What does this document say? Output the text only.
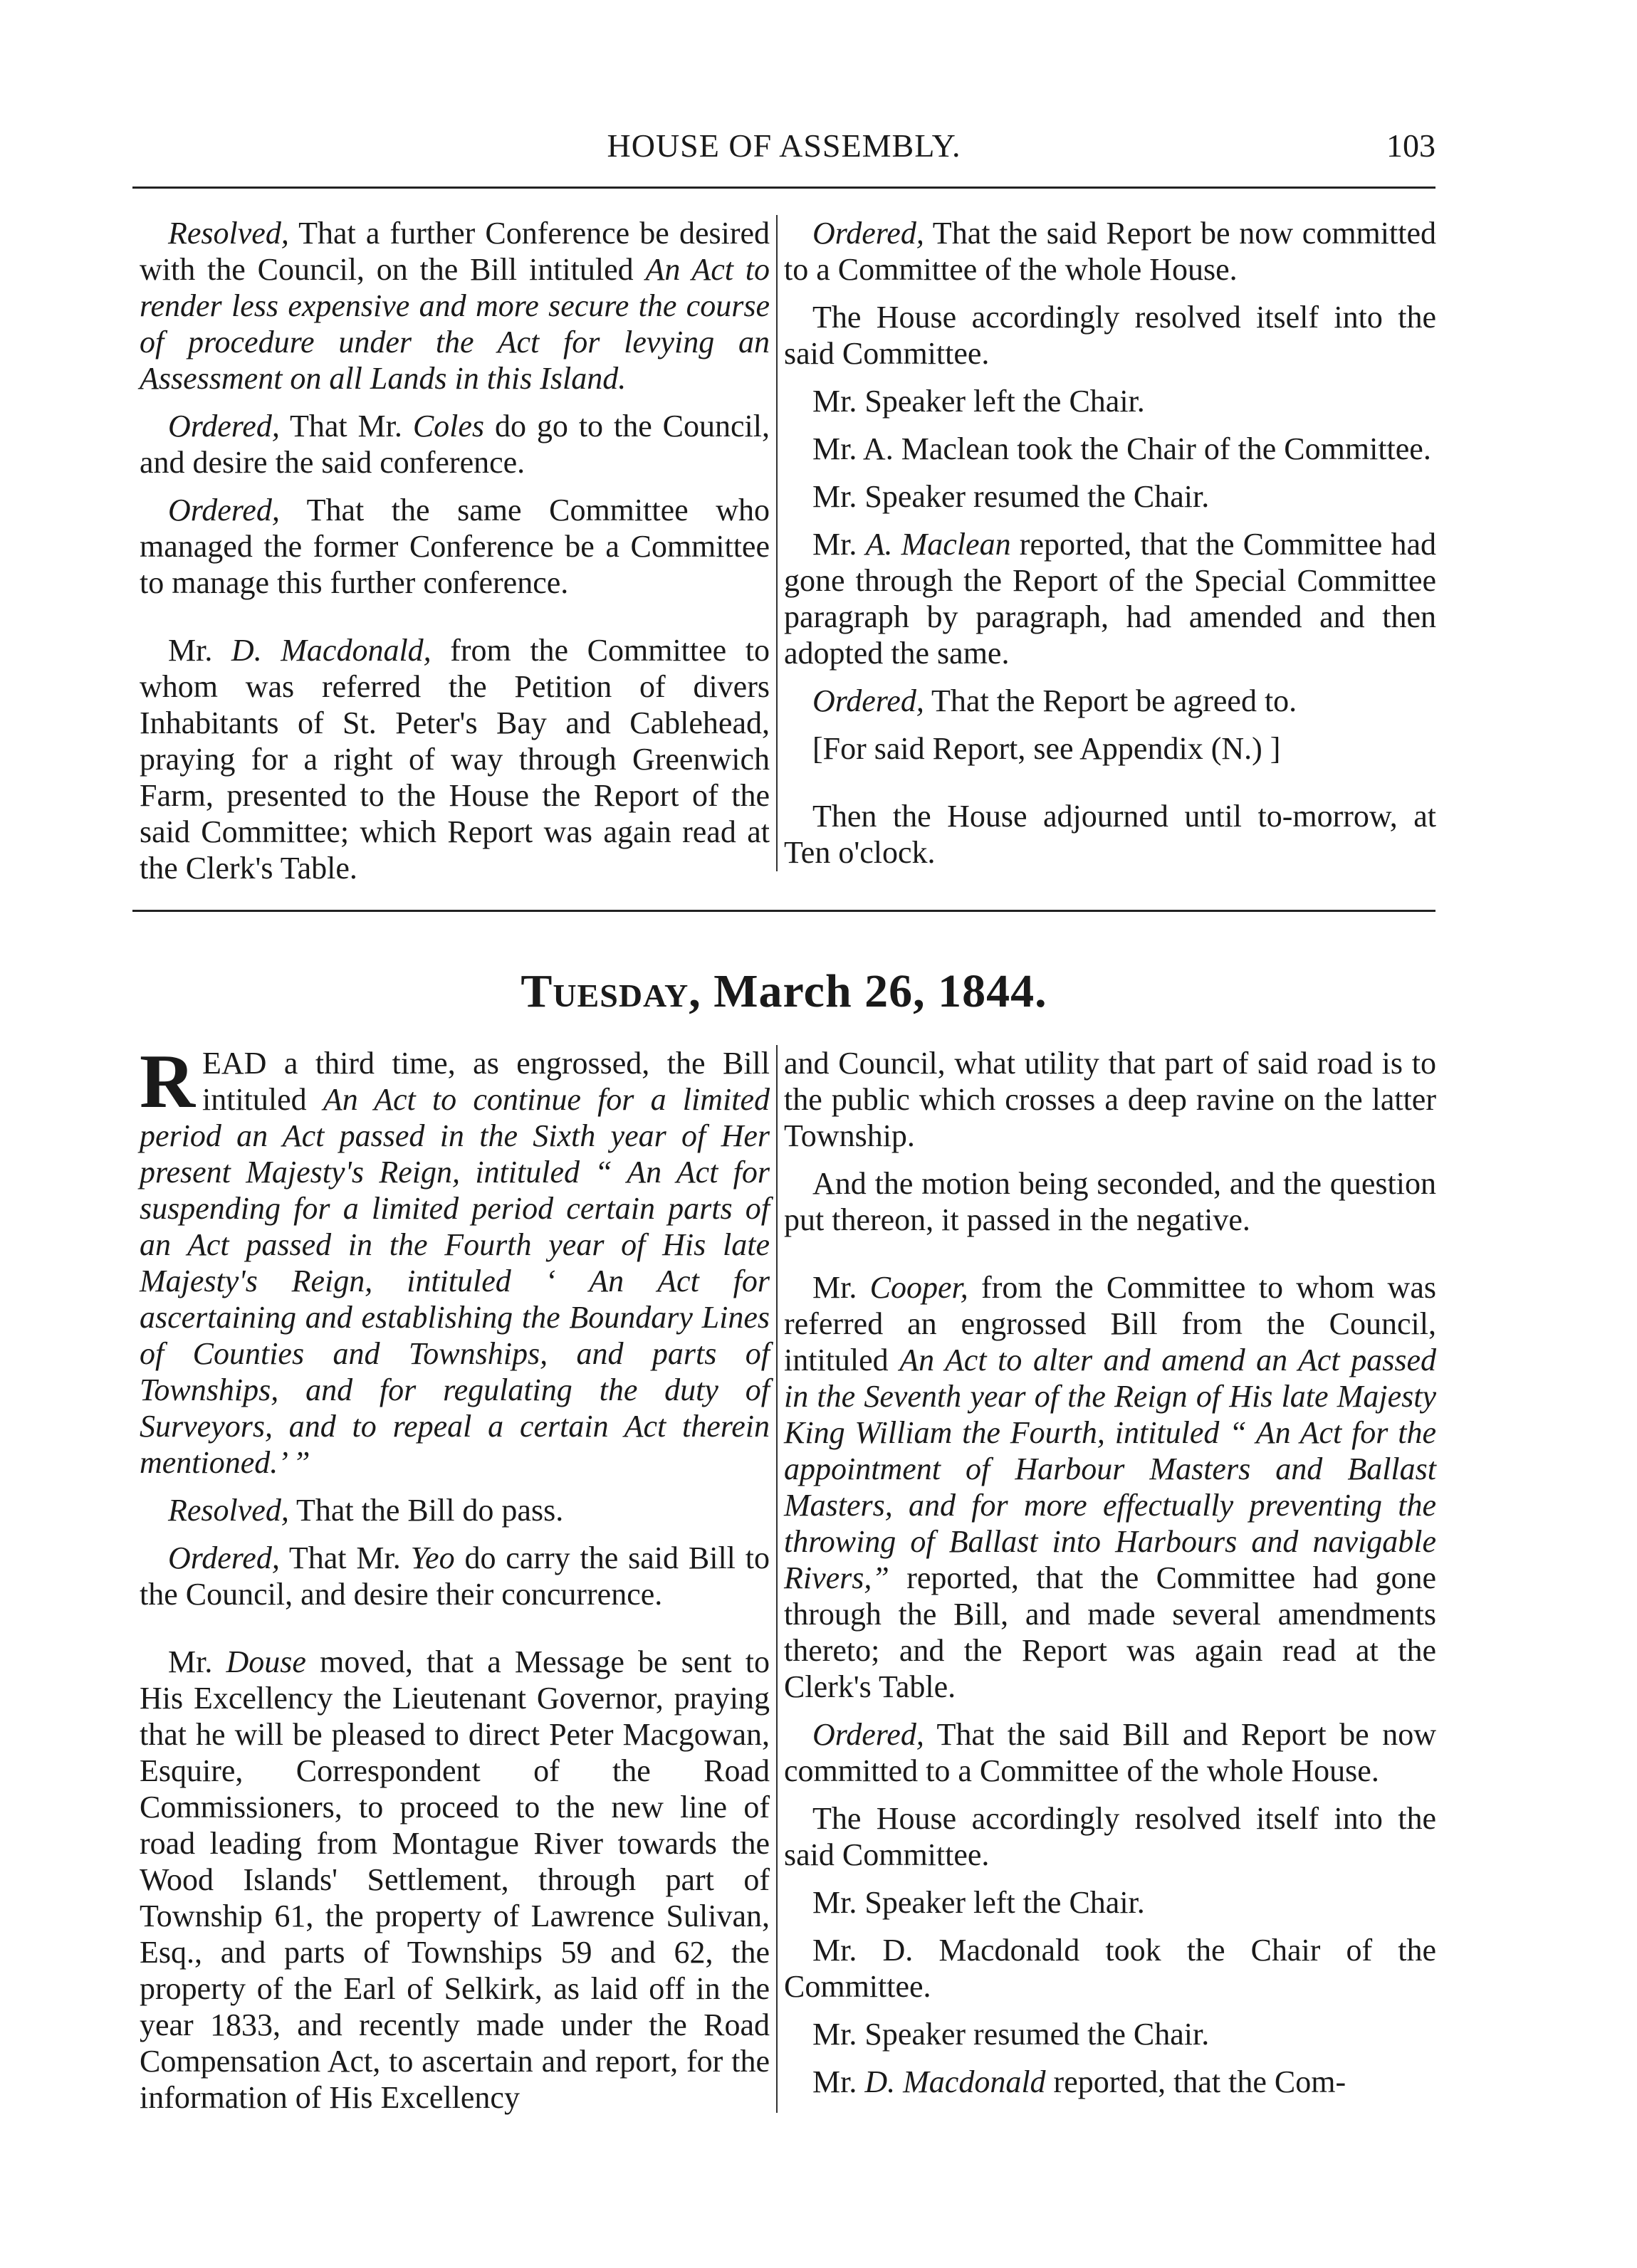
HOUSE OF ASSEMBLY.	103

Resolved, That a further Conference be desired with the Council, on the Bill intituled An Act to render less expensive and more secure the course of procedure under the Act for levying an Assessment on all Lands in this Island.

Ordered, That Mr. Coles do go to the Council, and desire the said conference.

Ordered, That the same Committee who managed the former Conference be a Committee to manage this further conference.

Mr. D. Macdonald, from the Committee to whom was referred the Petition of divers Inhabitants of St. Peter's Bay and Cablehead, praying for a right of way through Greenwich Farm, presented to the House the Report of the said Committee; which Report was again read at the Clerk's Table.

Ordered, That the said Report be now committed to a Committee of the whole House.

The House accordingly resolved itself into the said Committee.

Mr. Speaker left the Chair.

Mr. A. Maclean took the Chair of the Committee.

Mr. Speaker resumed the Chair.

Mr. A. Maclean reported, that the Committee had gone through the Report of the Special Committee paragraph by paragraph, had amended and then adopted the same.

Ordered, That the Report be agreed to.

[For said Report, see Appendix (N.) ]

Then the House adjourned until to-morrow, at Ten o'clock.

Tuesday, March 26, 1844.

READ a third time, as engrossed, the Bill intituled An Act to continue for a limited period an Act passed in the Sixth year of Her present Majesty's Reign, intituled “ An Act for suspending for a limited period certain parts of an Act passed in the Fourth year of His late Majesty's Reign, intituled ‘ An Act for ascertaining and establishing the Boundary Lines of Counties and Townships, and parts of Townships, and for regulating the duty of Surveyors, and to repeal a certain Act therein mentioned.’ ”

Resolved, That the Bill do pass.

Ordered, That Mr. Yeo do carry the said Bill to the Council, and desire their concurrence.

Mr. Douse moved, that a Message be sent to His Excellency the Lieutenant Governor, praying that he will be pleased to direct Peter Macgowan, Esquire, Correspondent of the Road Commissioners, to proceed to the new line of road leading from Montague River towards the Wood Islands' Settlement, through part of Township 61, the property of Lawrence Sulivan, Esq., and parts of Townships 59 and 62, the property of the Earl of Selkirk, as laid off in the year 1833, and recently made under the Road Compensation Act, to ascertain and report, for the information of His Excellency

and Council, what utility that part of said road is to the public which crosses a deep ravine on the latter Township.

And the motion being seconded, and the question put thereon, it passed in the negative.

Mr. Cooper, from the Committee to whom was referred an engrossed Bill from the Council, intituled An Act to alter and amend an Act passed in the Seventh year of the Reign of His late Majesty King William the Fourth, intituled “ An Act for the appointment of Harbour Masters and Ballast Masters, and for more effectually preventing the throwing of Ballast into Harbours and navigable Rivers,” reported, that the Committee had gone through the Bill, and made several amendments thereto; and the Report was again read at the Clerk's Table.

Ordered, That the said Bill and Report be now committed to a Committee of the whole House.

The House accordingly resolved itself into the said Committee.

Mr. Speaker left the Chair.

Mr. D. Macdonald took the Chair of the Committee.

Mr. Speaker resumed the Chair.

Mr. D. Macdonald reported, that the Com-
